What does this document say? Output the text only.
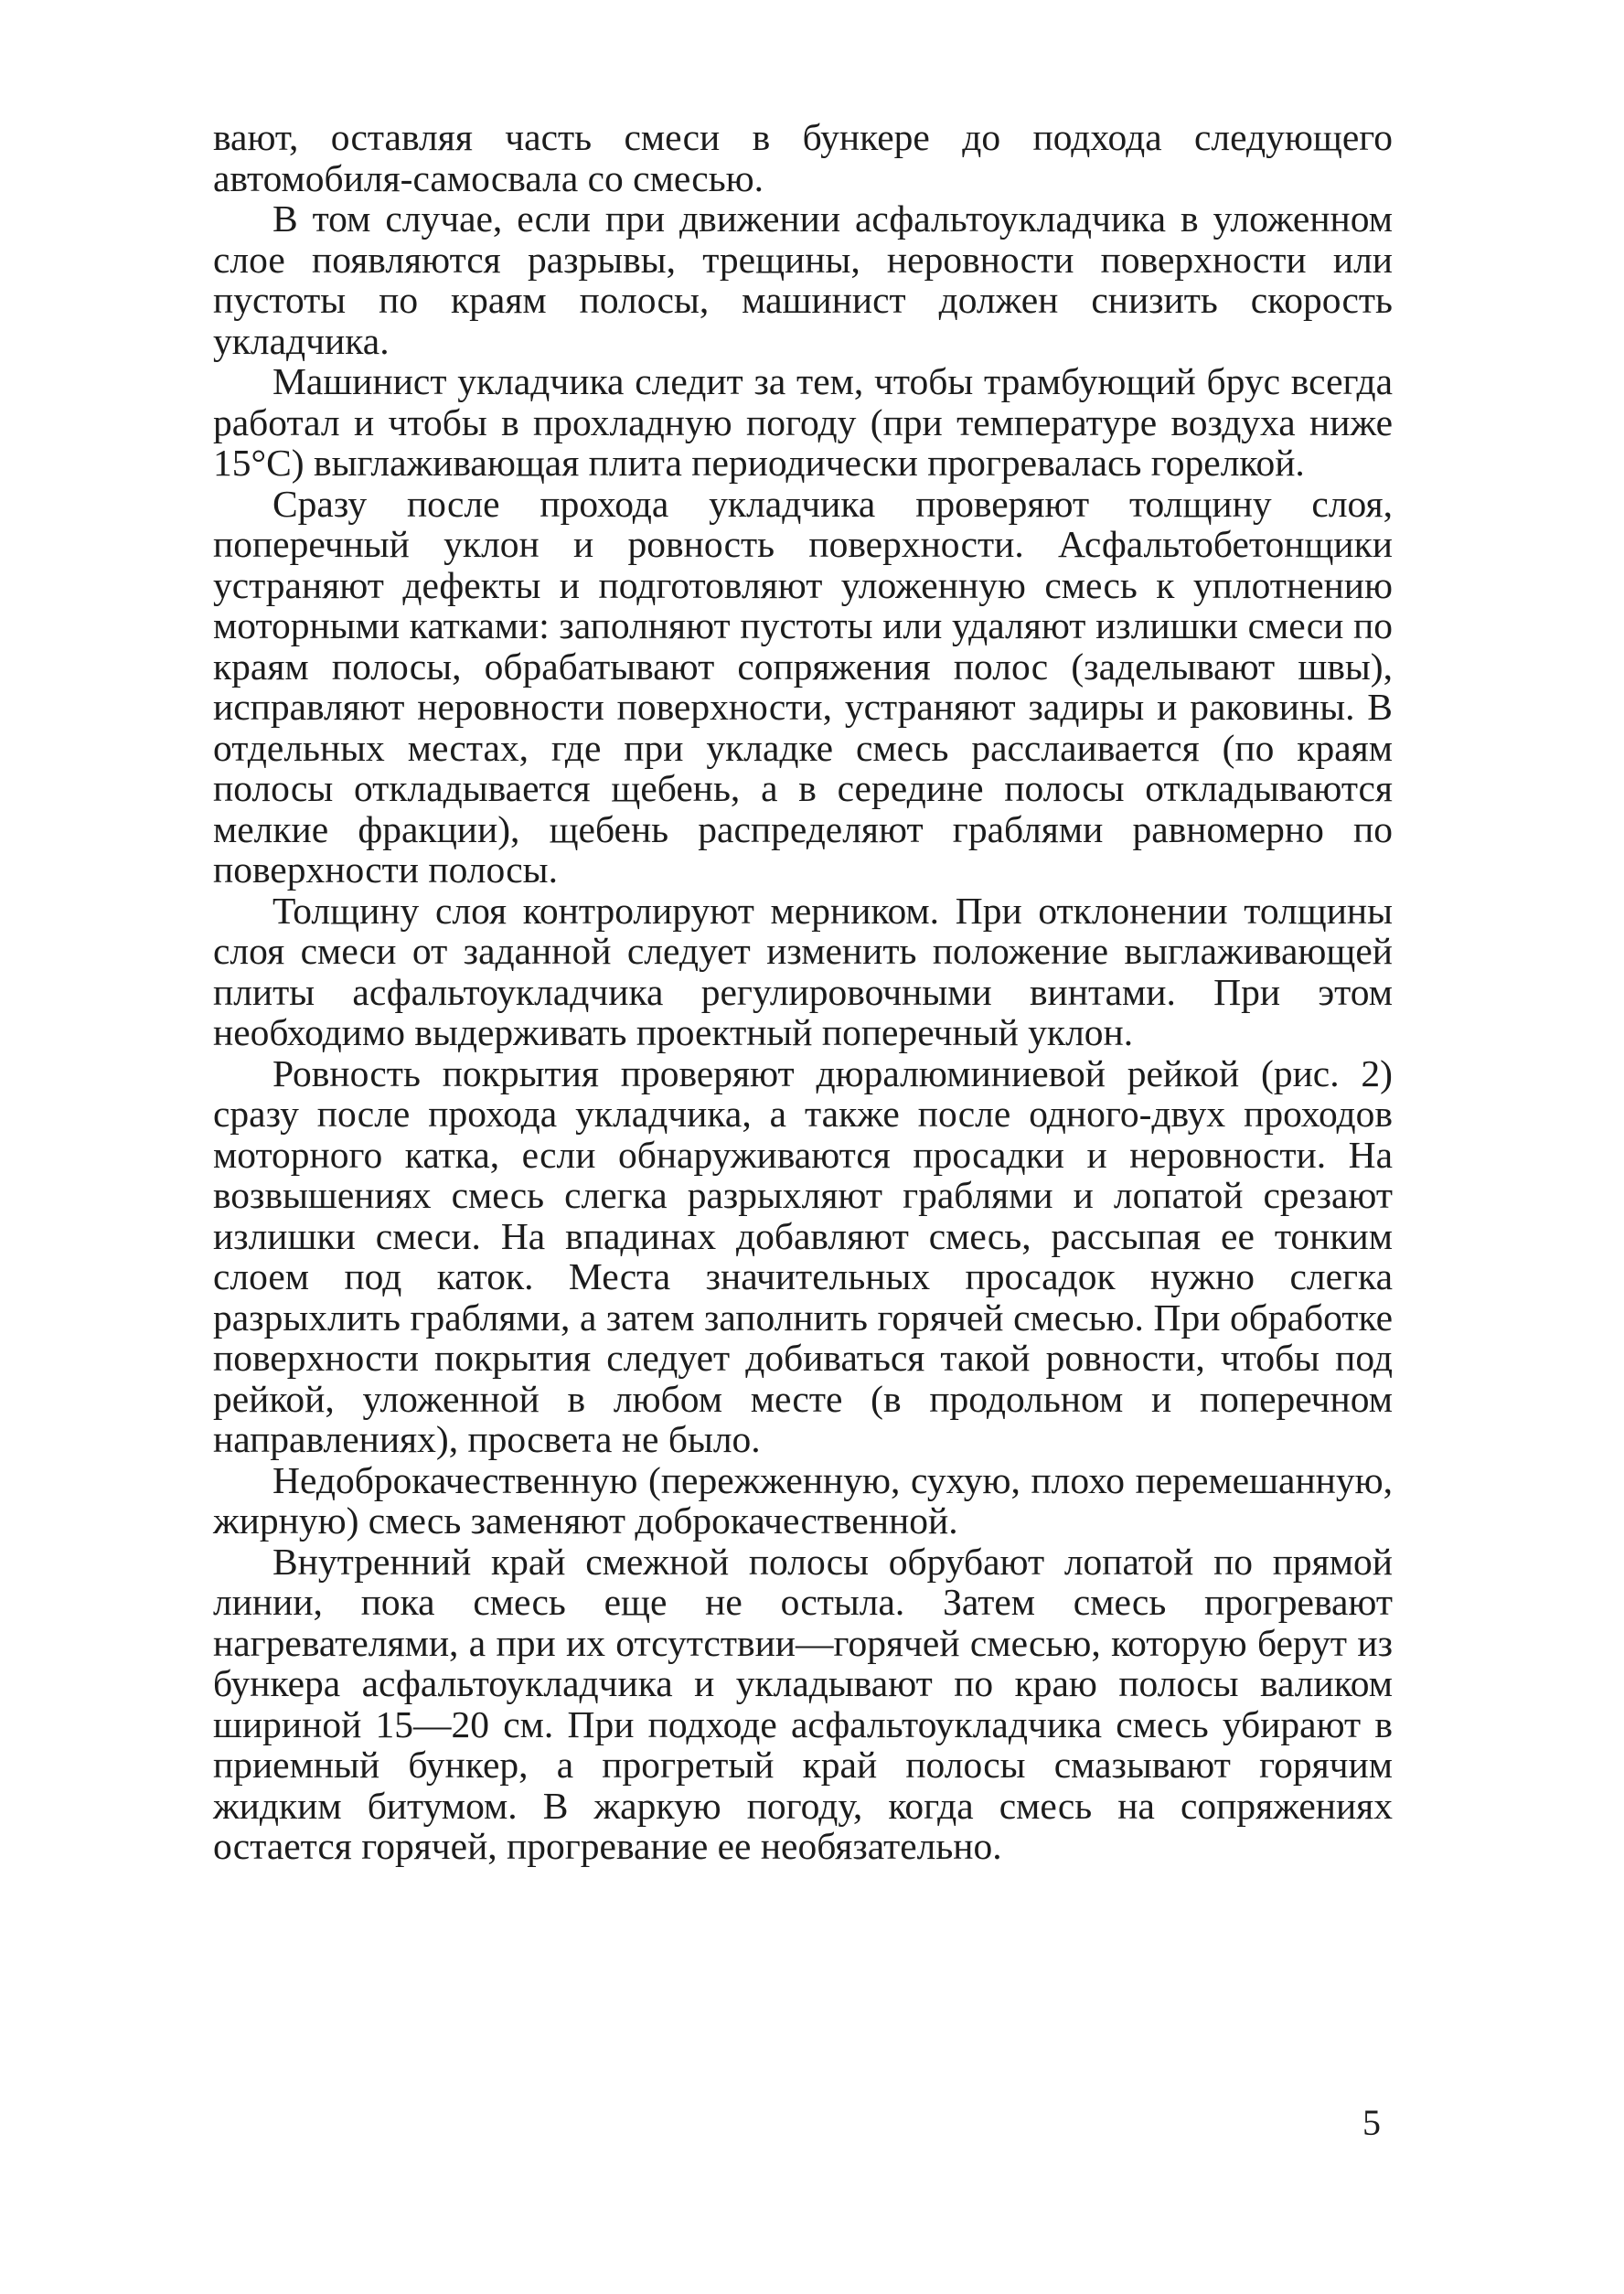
вают, оставляя часть смеси в бункере до подхода следующего автомобиля-самосвала со смесью.

В том случае, если при движении асфальтоукладчика в уложенном слое появляются разрывы, трещины, неровности поверхности или пустоты по краям полосы, машинист должен снизить скорость укладчика.

Машинист укладчика следит за тем, чтобы трамбующий брус всегда работал и чтобы в прохладную погоду (при температуре воздуха ниже 15°С) выглаживающая плита периодически прогревалась горелкой.

Сразу после прохода укладчика проверяют толщину слоя, поперечный уклон и ровность поверхности. Асфальтобетонщики устраняют дефекты и подготовляют уложенную смесь к уплотнению моторными катками: заполняют пустоты или удаляют излишки смеси по краям полосы, обрабатывают сопряжения полос (заделывают швы), исправляют неровности поверхности, устраняют задиры и раковины. В отдельных местах, где при укладке смесь расслаивается (по краям полосы откладывается щебень, а в середине полосы откладываются мелкие фракции), щебень распределяют граблями равномерно по поверхности полосы.

Толщину слоя контролируют мерником. При отклонении толщины слоя смеси от заданной следует изменить положение выглаживающей плиты асфальтоукладчика регулировочными винтами. При этом необходимо выдерживать проектный поперечный уклон.

Ровность покрытия проверяют дюралюминиевой рейкой (рис. 2) сразу после прохода укладчика, а также после одного-двух проходов моторного катка, если обнаруживаются просадки и неровности. На возвышениях смесь слегка разрыхляют граблями и лопатой срезают излишки смеси. На впадинах добавляют смесь, рассыпая ее тонким слоем под каток. Места значительных просадок нужно слегка разрыхлить граблями, а затем заполнить горячей смесью. При обработке поверхности покрытия следует добиваться такой ровности, чтобы под рейкой, уложенной в любом месте (в продольном и поперечном направлениях), просвета не было.

Недоброкачественную (пережженную, сухую, плохо перемешанную, жирную) смесь заменяют доброкачественной.

Внутренний край смежной полосы обрубают лопатой по прямой линии, пока смесь еще не остыла. Затем смесь прогревают нагревателями, а при их отсутствии—горячей смесью, которую берут из бункера асфальтоукладчика и укладывают по краю полосы валиком шириной 15—20 см. При подходе асфальтоукладчика смесь убирают в приемный бункер, а прогретый край полосы смазывают горячим жидким битумом. В жаркую погоду, когда смесь на сопряжениях остается горячей, прогревание ее необязательно.

5
